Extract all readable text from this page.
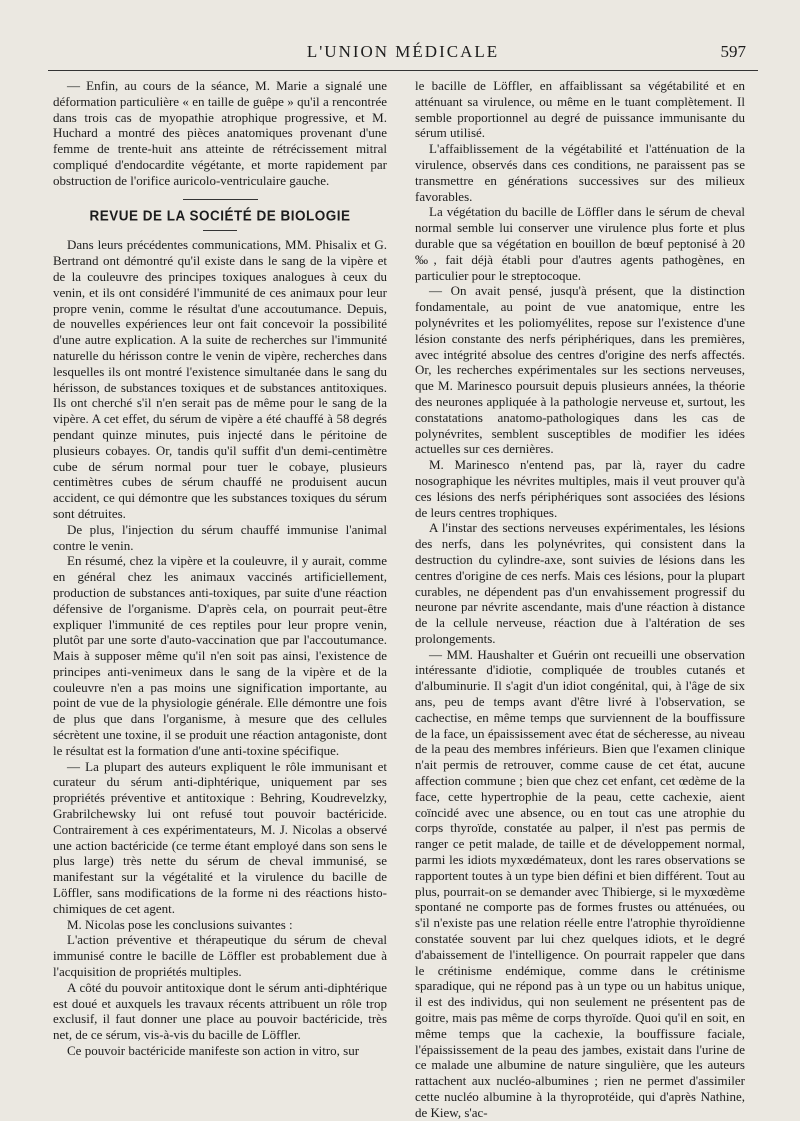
L'UNION MÉDICALE	597

— Enfin, au cours de la séance, M. Marie a signalé une déformation particulière « en taille de guêpe » qu'il a rencontrée dans trois cas de myopathie atrophique progressive, et M. Huchard a montré des pièces anatomiques provenant d'une femme de trente-huit ans atteinte de rétrécissement mitral compliqué d'endocardite végétante, et morte rapidement par obstruction de l'orifice auricolo-ventriculaire gauche.

REVUE DE LA SOCIÉTÉ DE BIOLOGIE

Dans leurs précédentes communications, MM. Phisalix et G. Bertrand ont démontré qu'il existe dans le sang de la vipère et de la couleuvre des principes toxiques analogues à ceux du venin, et ils ont considéré l'immunité de ces animaux pour leur propre venin, comme le résultat d'une accoutumance. Depuis, de nouvelles expériences leur ont fait concevoir la possibilité d'une autre explication. A la suite de recherches sur l'immunité naturelle du hérisson contre le venin de vipère, recherches dans lesquelles ils ont montré l'existence simultanée dans le sang du hérisson, de substances toxiques et de substances antitoxiques. Ils ont cherché s'il n'en serait pas de même pour le sang de la vipère. A cet effet, du sérum de vipère a été chauffé à 58 degrés pendant quinze minutes, puis injecté dans le péritoine de plusieurs cobayes. Or, tandis qu'il suffit d'un demi-centimètre cube de sérum normal pour tuer le cobaye, plusieurs centimètres cubes de sérum chauffé ne produisent aucun accident, ce qui démontre que les substances toxiques du sérum sont détruites.

De plus, l'injection du sérum chauffé immunise l'animal contre le venin.

En résumé, chez la vipère et la couleuvre, il y aurait, comme en général chez les animaux vaccinés artificiellement, production de substances anti-toxiques, par suite d'une réaction défensive de l'organisme. D'après cela, on pourrait peut-être expliquer l'immunité de ces reptiles pour leur propre venin, plutôt par une sorte d'auto-vaccination que par l'accoutumance. Mais à supposer même qu'il n'en soit pas ainsi, l'existence de principes anti-venimeux dans le sang de la vipère et de la couleuvre n'en a pas moins une signification importante, au point de vue de la physiologie générale. Elle démontre une fois de plus que dans l'organisme, à mesure que des cellules sécrètent une toxine, il se produit une réaction antagoniste, dont le résultat est la formation d'une anti-toxine spécifique.

— La plupart des auteurs expliquent le rôle immunisant et curateur du sérum anti-diphtérique, uniquement par ses propriétés préventive et antitoxique : Behring, Koudrevelzky, Grabrilchewsky lui ont refusé tout pouvoir bactéricide. Contrairement à ces expérimentateurs, M. J. Nicolas a observé une action bactéricide (ce terme étant employé dans son sens le plus large) très nette du sérum de cheval immunisé, se manifestant sur la végétalité et la virulence du bacille de Löffler, sans modifications de la forme ni des réactions histo-chimiques de cet agent.

M. Nicolas pose les conclusions suivantes :

L'action préventive et thérapeutique du sérum de cheval immunisé contre le bacille de Löffler est probablement due à l'acquisition de propriétés multiples.

A côté du pouvoir antitoxique dont le sérum anti-diphtérique est doué et auxquels les travaux récents attribuent un rôle trop exclusif, il faut donner une place au pouvoir bactéricide, très net, de ce sérum, vis-à-vis du bacille de Löffler.

Ce pouvoir bactéricide manifeste son action in vitro, sur

le bacille de Löffler, en affaiblissant sa végétabilité et en atténuant sa virulence, ou même en le tuant complètement. Il semble proportionnel au degré de puissance immunisante du sérum utilisé.

L'affaiblissement de la végétabilité et l'atténuation de la virulence, observés dans ces conditions, ne paraissent pas se transmettre en générations successives sur des milieux favorables.

La végétation du bacille de Löffler dans le sérum de cheval normal semble lui conserver une virulence plus forte et plus durable que sa végétation en bouillon de bœuf peptonisé à 20 ‰, fait déjà établi pour d'autres agents pathogènes, en particulier pour le streptocoque.

— On avait pensé, jusqu'à présent, que la distinction fondamentale, au point de vue anatomique, entre les polynévrites et les poliomyélites, repose sur l'existence d'une lésion constante des nerfs périphériques, dans les premières, avec intégrité absolue des centres d'origine des nerfs affectés. Or, les recherches expérimentales sur les sections nerveuses, que M. Marinesco poursuit depuis plusieurs années, la théorie des neurones appliquée à la pathologie nerveuse et, surtout, les constatations anatomo-pathologiques dans les cas de polynévrites, semblent susceptibles de modifier les idées actuelles sur ces dernières.

M. Marinesco n'entend pas, par là, rayer du cadre nosographique les névrites multiples, mais il veut prouver qu'à ces lésions des nerfs périphériques sont associées des lésions de leurs centres trophiques.

A l'instar des sections nerveuses expérimentales, les lésions des nerfs, dans les polynévrites, qui consistent dans la destruction du cylindre-axe, sont suivies de lésions dans les centres d'origine de ces nerfs. Mais ces lésions, pour la plupart curables, ne dépendent pas d'un envahissement progressif du neurone par névrite ascendante, mais d'une réaction à distance de la cellule nerveuse, réaction due à l'altération de ses prolongements.

— MM. Haushalter et Guérin ont recueilli une observation intéressante d'idiotie, compliquée de troubles cutanés et d'albuminurie. Il s'agit d'un idiot congénital, qui, à l'âge de six ans, peu de temps avant d'être livré à l'observation, se cachectise, en même temps que surviennent de la bouffissure de la face, un épaississement avec état de sécheresse, au niveau de la peau des membres inférieurs. Bien que l'examen clinique n'ait permis de retrouver, comme cause de cet état, aucune affection commune ; bien que chez cet enfant, cet œdème de la face, cette hypertrophie de la peau, cette cachexie, aient coïncidé avec une absence, ou en tout cas une atrophie du corps thyroïde, constatée au palper, il n'est pas permis de ranger ce petit malade, de taille et de développement normal, parmi les idiots myxœdémateux, dont les rares observations se rapportent toutes à un type bien défini et bien différent. Tout au plus, pourrait-on se demander avec Thibierge, si le myxœdème spontané ne comporte pas de formes frustes ou atténuées, ou s'il n'existe pas une relation réelle entre l'atrophie thyroïdienne constatée souvent par lui chez quelques idiots, et le degré d'abaissement de l'intelligence. On pourrait rappeler que dans le crétinisme endémique, comme dans le crétinisme sparadique, qui ne répond pas à un type ou un habitus unique, il est des individus, qui non seulement ne présentent pas de goitre, mais pas même de corps thyroïde. Quoi qu'il en soit, en même temps que la cachexie, la bouffissure faciale, l'épaississement de la peau des jambes, existait dans l'urine de ce malade une albumine de nature singulière, que les auteurs rattachent aux nucléo-albumines ; rien ne permet d'assimiler cette nucléo albumine à la thyroprotéide, qui d'après Nathine, de Kiew, s'ac-
